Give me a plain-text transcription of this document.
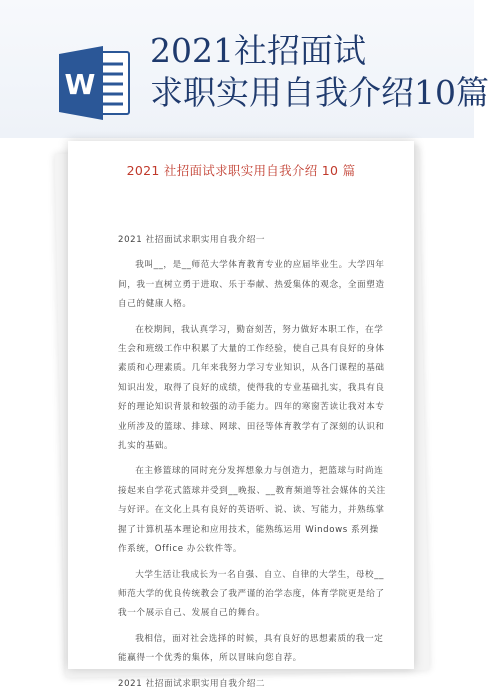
W
2021社招面试
求职实用自我介绍10篇
2021 社招面试求职实用自我介绍 10 篇

2021 社招面试求职实用自我介绍一

我叫__，是__师范大学体育教育专业的应届毕业生。大学四年间，我一直树立勇于进取、乐于奉献、热爱集体的观念，全面塑造自己的健康人格。

在校期间，我认真学习，勤奋刻苦，努力做好本职工作，在学生会和班级工作中积累了大量的工作经验，使自己具有良好的身体素质和心理素质。几年来我努力学习专业知识，从各门课程的基础知识出发，取得了良好的成绩，使得我的专业基础扎实，我具有良好的理论知识背景和较强的动手能力。四年的寒窗苦读让我对本专业所涉及的篮球、排球、网球、田径等体育教学有了深刻的认识和扎实的基础。

在主修篮球的同时充分发挥想象力与创造力，把篮球与时尚连接起来自学花式篮球并受到__晚报、__教育频道等社会媒体的关注与好评。在文化上具有良好的英语听、说、读、写能力，并熟练掌握了计算机基本理论和应用技术，能熟练运用 Windows 系列操作系统，Office 办公软件等。

大学生活让我成长为一名自强、自立、自律的大学生，母校__师范大学的优良传统教会了我严谨的治学态度，体育学院更是给了我一个展示自己、发展自己的舞台。

我相信，面对社会选择的时候，具有良好的思想素质的我一定能赢得一个优秀的集体，所以冒昧向您自荐。

2021 社招面试求职实用自我介绍二
